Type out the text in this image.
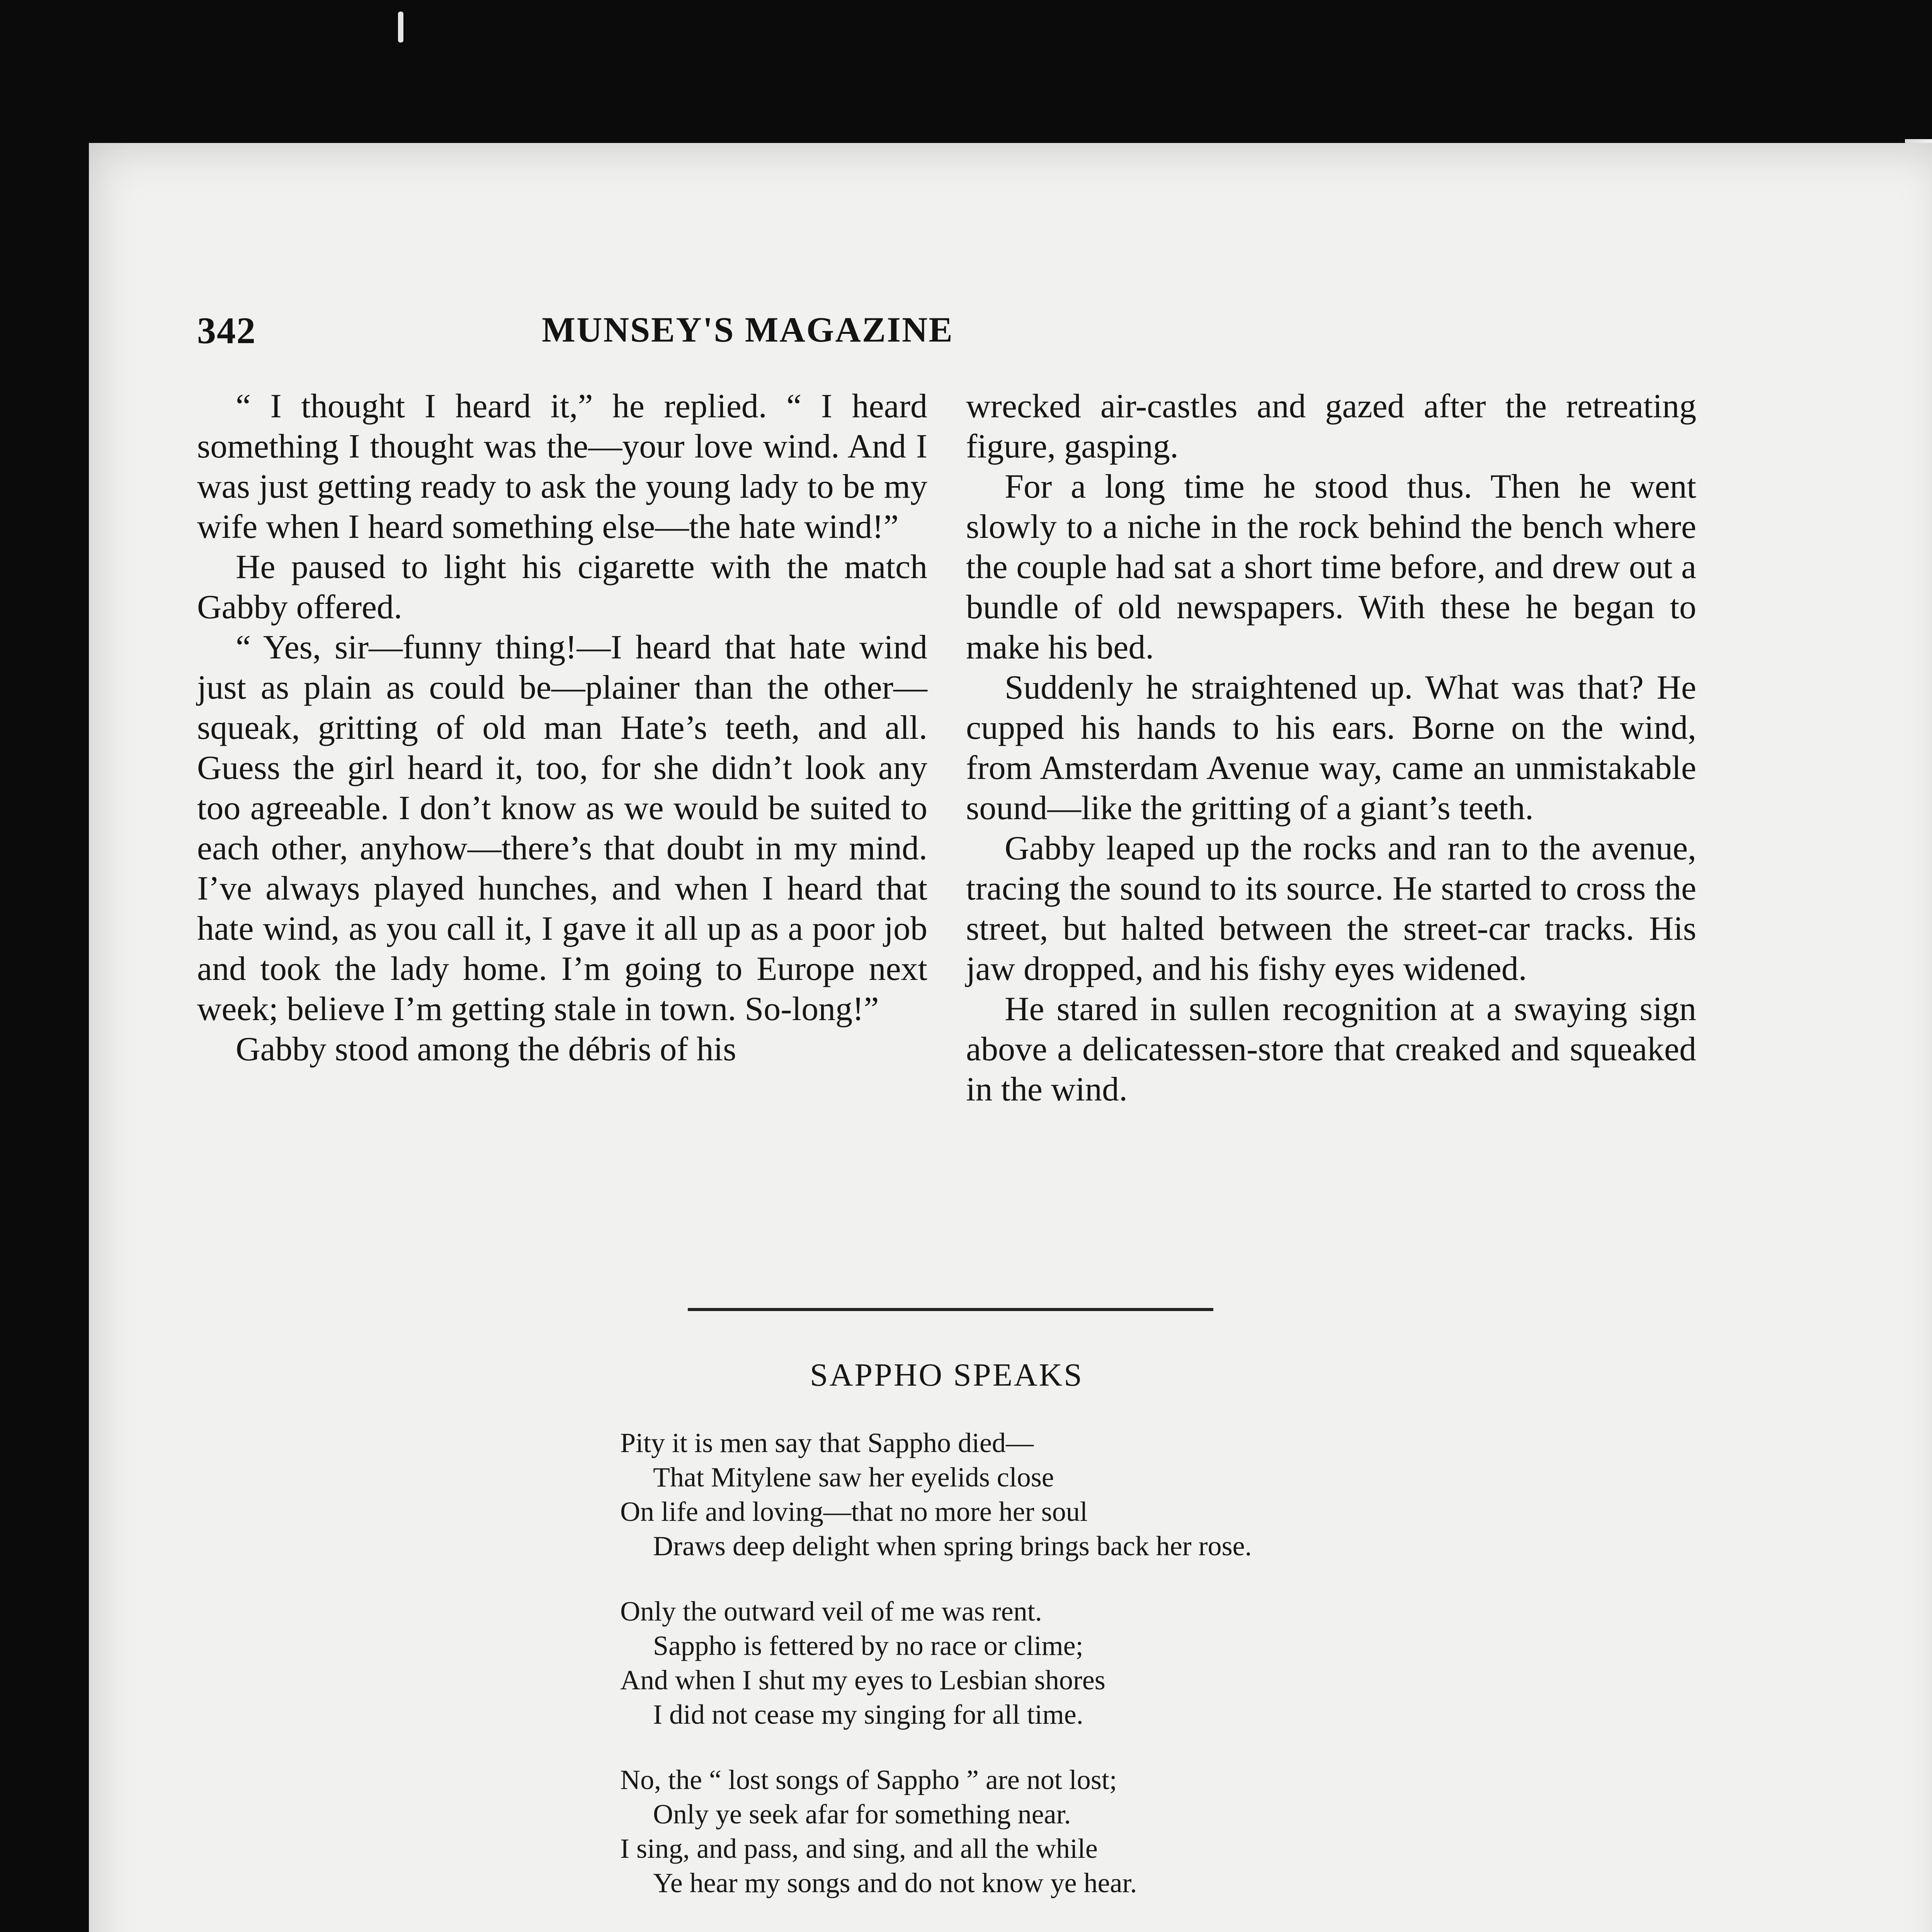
342	MUNSEY'S MAGAZINE

“ I thought I heard it,” he replied. “ I heard something I thought was the—your love wind. And I was just getting ready to ask the young lady to be my wife when I heard something else—the hate wind!”

He paused to light his cigarette with the match Gabby offered.

“ Yes, sir—funny thing!—I heard that hate wind just as plain as could be—plainer than the other—squeak, gritting of old man Hate’s teeth, and all. Guess the girl heard it, too, for she didn’t look any too agreeable. I don’t know as we would be suited to each other, anyhow—there’s that doubt in my mind. I’ve always played hunches, and when I heard that hate wind, as you call it, I gave it all up as a poor job and took the lady home. I’m going to Europe next week; believe I’m getting stale in town. So-long!”

Gabby stood among the débris of his

wrecked air-castles and gazed after the retreating figure, gasping.

For a long time he stood thus. Then he went slowly to a niche in the rock behind the bench where the couple had sat a short time before, and drew out a bundle of old newspapers. With these he began to make his bed.

Suddenly he straightened up. What was that? He cupped his hands to his ears. Borne on the wind, from Amsterdam Avenue way, came an unmistakable sound—like the gritting of a giant’s teeth.

Gabby leaped up the rocks and ran to the avenue, tracing the sound to its source. He started to cross the street, but halted between the street-car tracks. His jaw dropped, and his fishy eyes widened.

He stared in sullen recognition at a swaying sign above a delicatessen-store that creaked and squeaked in the wind.

SAPPHO SPEAKS
Pity it is men say that Sappho died—
That Mitylene saw her eyelids close
On life and loving—that no more her soul
Draws deep delight when spring brings back her rose.
Only the outward veil of me was rent.
Sappho is fettered by no race or clime;
And when I shut my eyes to Lesbian shores
I did not cease my singing for all time.
No, the “ lost songs of Sappho ” are not lost;
Only ye seek afar for something near.
I sing, and pass, and sing, and all the while
Ye hear my songs and do not know ye hear.
